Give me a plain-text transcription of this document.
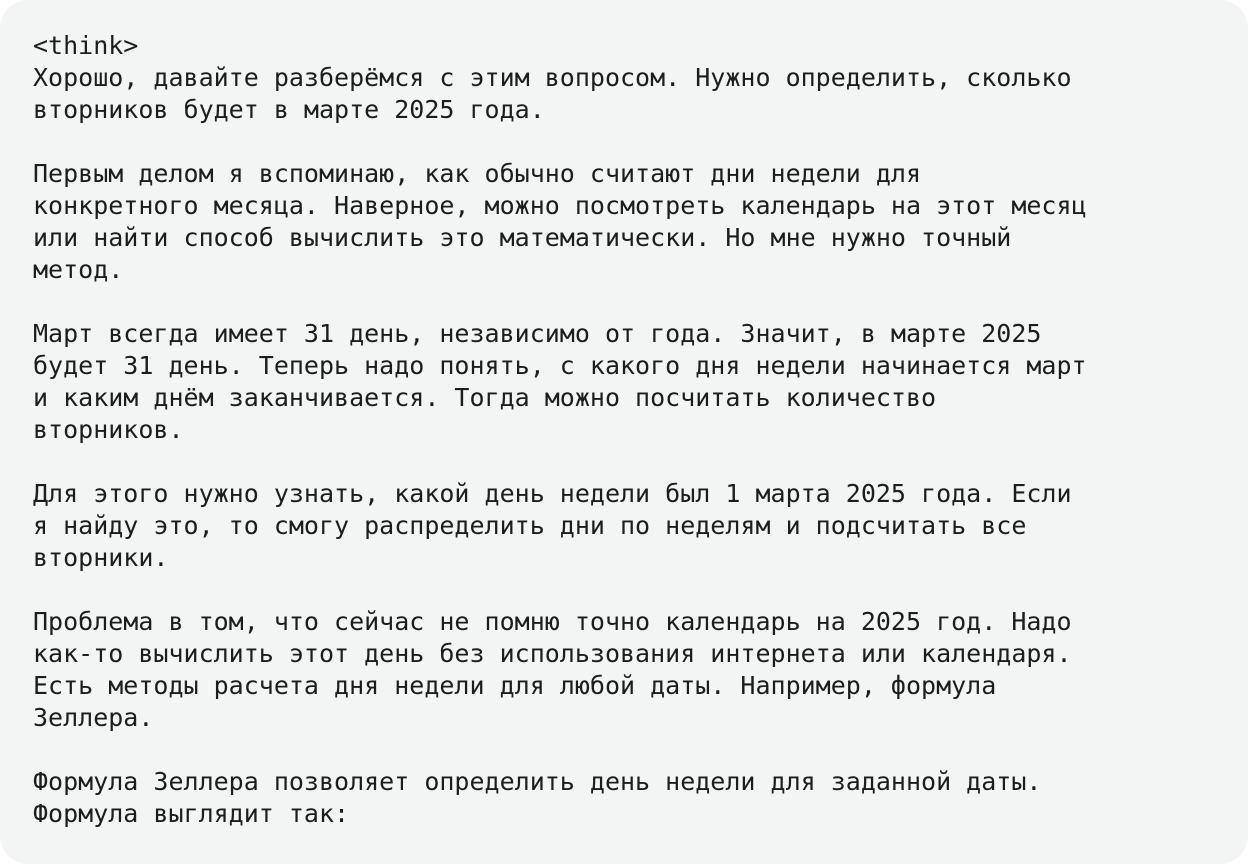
<think>

Хорошо, давайте разберёмся с этим вопросом. Нужно определить, сколько
вторников будет в марте 2025 года.
Первым делом я вспоминаю, как обычно считают дни недели для
конкретного месяца. Наверное, можно посмотреть календарь на этот месяц
или найти способ вычислить это математически. Но мне нужно точный
метод.
Март всегда имеет 31 день, независимо от года. Значит, в марте 2025
будет 31 день. Теперь надо понять, с какого дня недели начинается март
и каким днём заканчивается. Тогда можно посчитать количество
вторников.
Для этого нужно узнать, какой день недели был 1 марта 2025 года. Если
я найду это, то смогу распределить дни по неделям и подсчитать все
вторники.
Проблема в том, что сейчас не помню точно календарь на 2025 год. Надо
как-то вычислить этот день без использования интернета или календаря.
Есть методы расчета дня недели для любой даты. Например, формула
Зеллера.
Формула Зеллера позволяет определить день недели для заданной даты.
Формула выглядит так:
